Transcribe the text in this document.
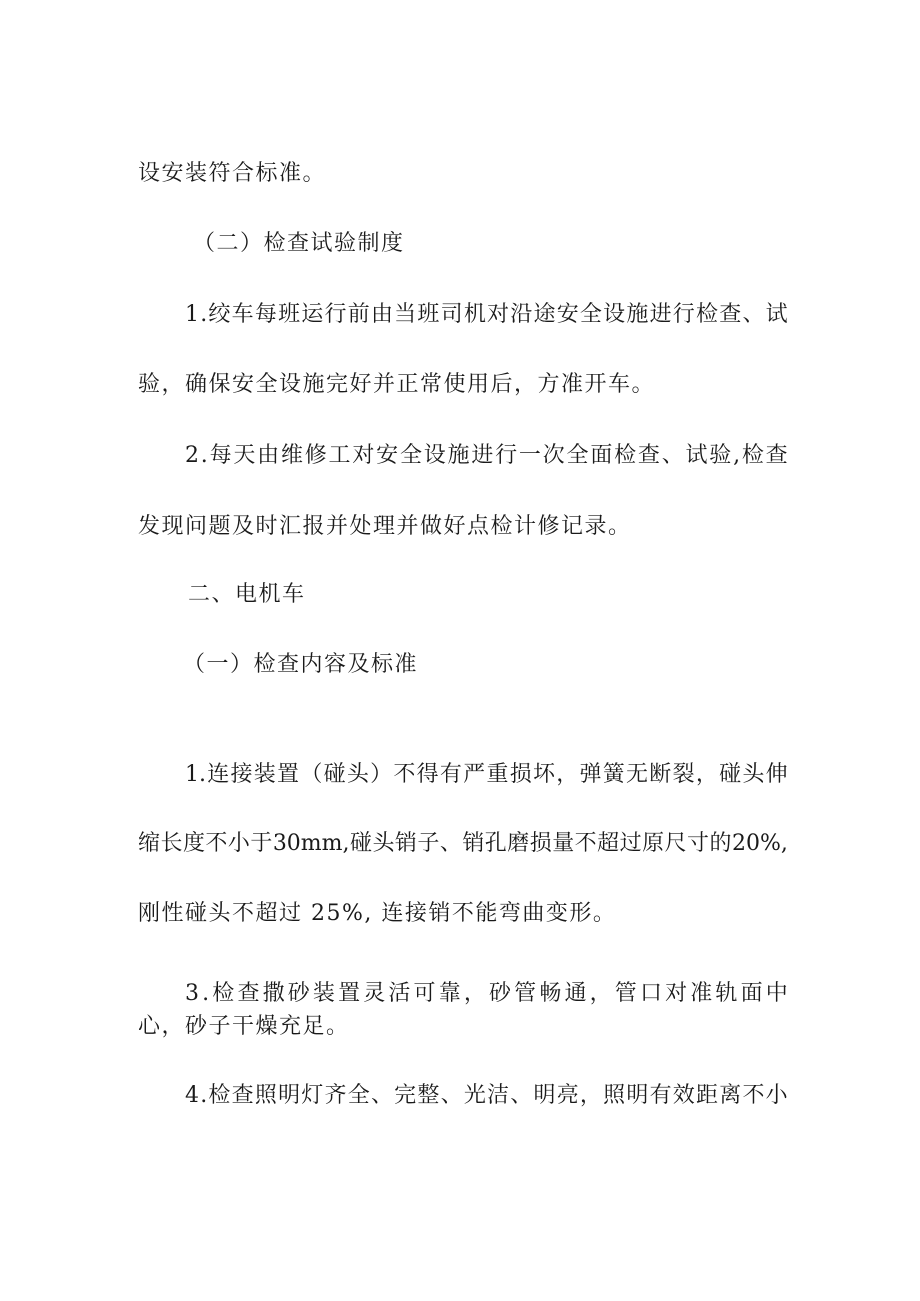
设安装符合标准。
（二）检查试验制度
1 . 绞 车 每 班 运 行 前 由 当 班 司 机 对 沿 途 安 全 设 施 进 行 检 查 、 试
验，确保安全设施完好并正常使用后，方准开车。
2 . 每 天 由 维 修 工 对 安 全 设 施 进 行 一 次 全 面 检 查 、 试 验 , 检 查
发现问题及时汇报并处理并做好点检计修记录。
二、电机车
（一）检查内容及标准
1. 连 接 装 置 （ 碰 头 ） 不 得 有 严 重 损 坏 ， 弹 簧 无 断 裂 ， 碰 头 伸
缩 长 度 不 小 于 30mm, 碰 头 销 子 、 销 孔 磨 损 量 不 超 过 原 尺 寸 的 20%,
刚性碰头不超过 25%, 连接销不能弯曲变形。
3 . 检 查 撒 砂 装 置 灵 活 可 靠 ， 砂 管 畅 通 ， 管 口 对 准 轨 面 中
心，砂子干燥充足。
4 . 检 查 照 明 灯 齐 全 、 完 整 、 光 洁 、 明 亮 ， 照 明 有 效 距 离 不 小
